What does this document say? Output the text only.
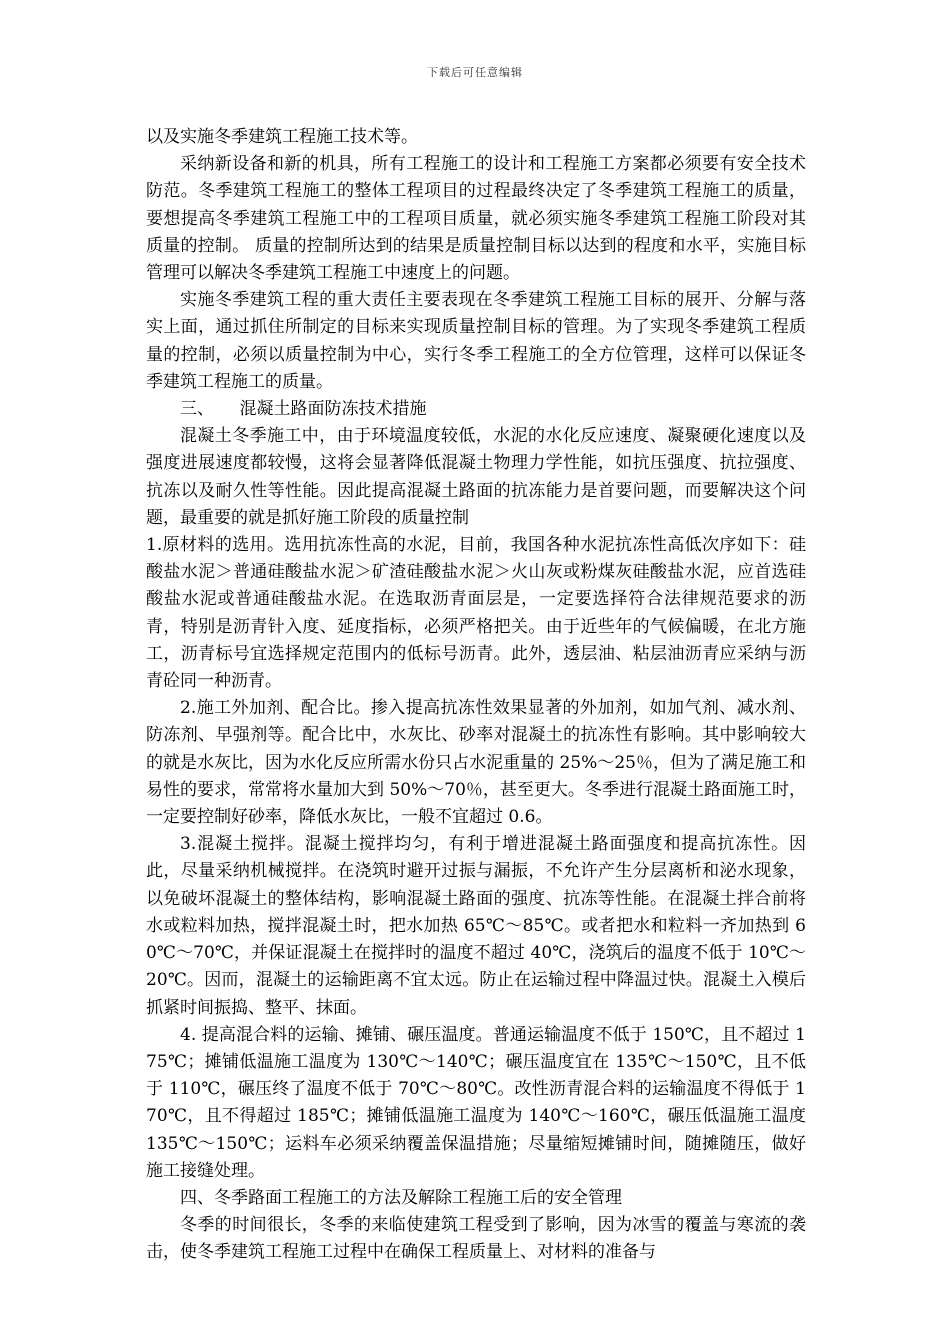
下载后可任意编辑

以及实施冬季建筑工程施工技术等。

采纳新设备和新的机具，所有工程施工的设计和工程施工方案都必须要有安全技术防范。冬季建筑工程施工的整体工程项目的过程最终决定了冬季建筑工程施工的质量，要想提高冬季建筑工程施工中的工程项目质量，就必须实施冬季建筑工程施工阶段对其质量的控制。 质量的控制所达到的结果是质量控制目标以达到的程度和水平，实施目标管理可以解决冬季建筑工程施工中速度上的问题。

实施冬季建筑工程的重大责任主要表现在冬季建筑工程施工目标的展开、分解与落实上面，通过抓住所制定的目标来实现质量控制目标的管理。为了实现冬季建筑工程质量的控制，必须以质量控制为中心，实行冬季工程施工的全方位管理，这样可以保证冬季建筑工程施工的质量。

三、　　混凝土路面防冻技术措施

混凝土冬季施工中，由于环境温度较低，水泥的水化反应速度、凝聚硬化速度以及强度进展速度都较慢，这将会显著降低混凝土物理力学性能，如抗压强度、抗拉强度、抗冻以及耐久性等性能。因此提高混凝土路面的抗冻能力是首要问题，而要解决这个问题，最重要的就是抓好施工阶段的质量控制

1.原材料的选用。选用抗冻性高的水泥，目前，我国各种水泥抗冻性高低次序如下：硅酸盐水泥＞普通硅酸盐水泥＞矿渣硅酸盐水泥＞火山灰或粉煤灰硅酸盐水泥，应首选硅酸盐水泥或普通硅酸盐水泥。在选取沥青面层是，一定要选择符合法律规范要求的沥青，特别是沥青针入度、延度指标，必须严格把关。由于近些年的气候偏暖，在北方施工，沥青标号宜选择规定范围内的低标号沥青。此外，透层油、粘层油沥青应采纳与沥青砼同一种沥青。

2.施工外加剂、配合比。掺入提高抗冻性效果显著的外加剂，如加气剂、减水剂、防冻剂、早强剂等。配合比中，水灰比、砂率对混凝土的抗冻性有影响。其中影响较大的就是水灰比，因为水化反应所需水份只占水泥重量的 25%～25％，但为了满足施工和易性的要求，常常将水量加大到 50%～70％，甚至更大。冬季进行混凝土路面施工时，一定要控制好砂率，降低水灰比，一般不宜超过 0.6。

3.混凝土搅拌。混凝土搅拌均匀，有利于增进混凝土路面强度和提高抗冻性。因此，尽量采纳机械搅拌。在浇筑时避开过振与漏振，不允许产生分层离析和泌水现象，以免破坏混凝土的整体结构，影响混凝土路面的强度、抗冻等性能。在混凝土拌合前将水或粒料加热，搅拌混凝土时，把水加热 65℃～85℃。或者把水和粒料一齐加热到 60℃～70℃，并保证混凝土在搅拌时的温度不超过 40℃，浇筑后的温度不低于 10℃～20℃。因而，混凝土的运输距离不宜太远。防止在运输过程中降温过快。混凝土入模后抓紧时间振捣、整平、抹面。

4. 提高混合料的运输、摊铺、碾压温度。普通运输温度不低于 150℃，且不超过 175℃；摊铺低温施工温度为 130℃～140℃；碾压温度宜在 135℃～150℃，且不低于 110℃，碾压终了温度不低于 70℃～80℃。改性沥青混合料的运输温度不得低于 170℃，且不得超过 185℃；摊铺低温施工温度为 140℃～160℃，碾压低温施工温度 135℃～150℃；运料车必须采纳覆盖保温措施；尽量缩短摊铺时间，随摊随压，做好施工接缝处理。

四、冬季路面工程施工的方法及解除工程施工后的安全管理

冬季的时间很长，冬季的来临使建筑工程受到了影响，因为冰雪的覆盖与寒流的袭击，使冬季建筑工程施工过程中在确保工程质量上、对材料的准备与
